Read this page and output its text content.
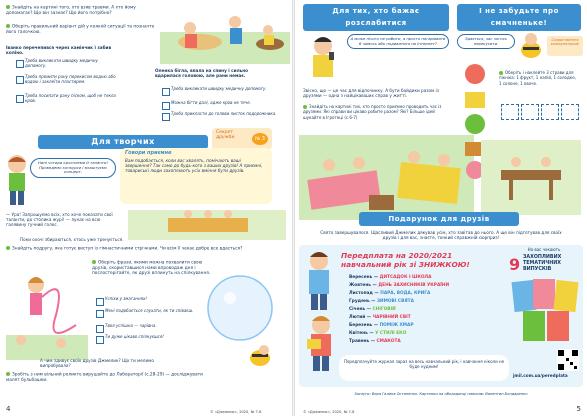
Знайдіть на картині того, хто взяв травми. А хто йому допомагає? Що він зазнає? Що його потрібно?
Оберіть правильний варіант дій у кожній ситуації та позначте його галочкою.
Іванко перечепився через камінчик і забив коліно.
Треба викликати швидку медичну допомогу.
Треба промити рану перекисом водню або водою і заклеїти пластирем.
Треба посипати рану піском, щоб не текла кров.
Оленка біглa, впала на спину і сильно вдарилася головою, але рани немає.
Треба викликати швидку медичну допомогу.
Можна бігти далі, адже кров не тече.
Треба прикласти до голови листок подорожника.
Для творчих
Секрет дружби	№ 3
Нині чотири кросплеми й таланти! Проведемо конкурси і влаштуємо концерт.
Говори приємне
Вам подобається, коли вас хвалять, помічають ваші звершення? Так само до будь-кого з ваших друзів! А приємні, товариські люди захоплюють усіх вміння бути друзів.
— Ура! Запрошуємо всіх, хто хоче показати свої таланти, до столика журі! — лунає на всю галявину гучний голос.
Поки охочі збираються, хтось уже тренується.
Знайдіть подругу, яка готує виступ із гімнастичними стрічками. Чи всім її чекає добре все вдасться?
Оберіть фрази, якими можна похвалити свою друзів, скориставшися нами впроводаж дня і послостерігайте, як друзі вплинуть на спілкування.
Успіхи у змаганнях!
Мені подобається слухати, як ти співаєш.
Твоя успішна — чарівна.
Ти дуже цікаво спілкуєшся!
А чим здивує своїх друзів Джмелик? Що ти мелимо випробувала?
Зробіть з ним вільний роликте вирушайте до Лабораторії (с.28-29) — досліджувати малят бульбашки.
4	© «Джмелик», 2020, № 7-8
Для тих, хто бажає розслабитися
І не забудьте про смачненьке!
А може нічого не робити, а просто погарювати б чимось або подивитися на Інтернет?
Звісно, що — це час для відпочинку. А бути байдики разом із друзями — одна з найцікавіших справ у житті.
Знайдіть на картині тих, хто просто приємно проводить час із друзями. Які справи ви цікаво робите разом? Які? Більше ідей шукайте в Ігротеці (с.6-7)
Здається, час чогось перекусити.
Скористайтеся калькулятором!
Оберіть і наклейте 3 страви для пікніка: 1 фрукт, 1 напій, 1 солодке, 1 солоне, 1 овоче.
Подарунок для друзів
Свято завершувалося. Щасливий Джмелик дякував усім, хто завітав до нього. А ще він підготував для своїх друзів і для вас, знаєте, тонкий справжній сюрприз!
Передплата на 2020/2021 навчальний рік зі ЗНИЖКОЮ!
На вас чекають
9 ЗАХОПЛИВИХ ТЕМАТИЧНИХ ВИПУСКІВ
Вересень — ДИТСАДОК І ШКОЛА
Жовтень — ДЕНЬ ЗАХИСНИКІВ УКРАЇНИ
Листопад — ПАРА, ВОДА, КРИГА
Грудень — ЗИМОВІ СВЯТА
Січень — СНІГОВІЙ
Лютий — ЧАРІВНИЙ СВІТ
Березень — ПОМІЖ ХМАР
Квітень — У СТИЛІ ЕКО
Травень — СМАКОТА
Передплачуйте журнал зараз на весь навчальний рік, і навчання ніколи не буде нудним!
jmil.com.ua/peredplata
Заслуги: Вера Галина Остапенко. Картинки на обкладинці написав: Валентин Бондаренко
© «Джмелик», 2020, № 7-8	5
